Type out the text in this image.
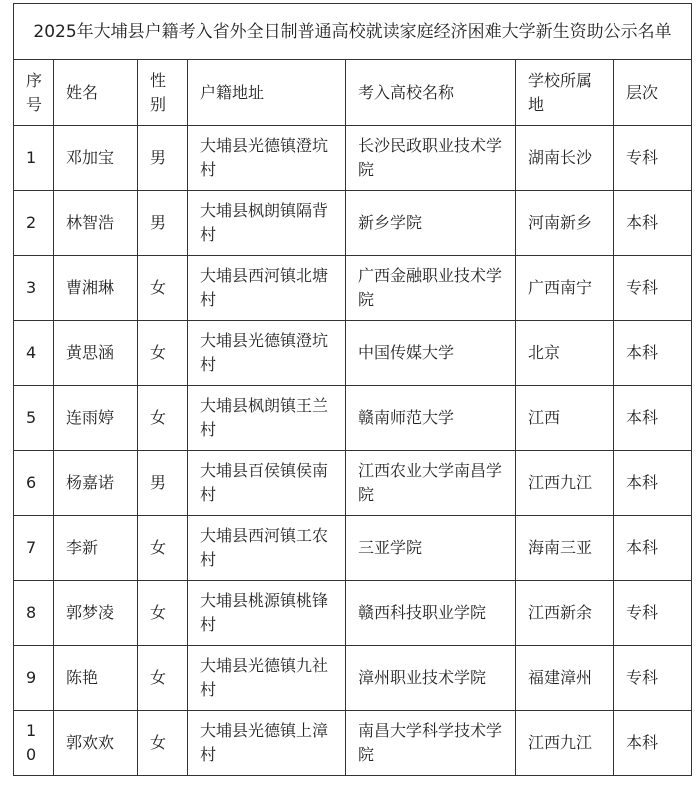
2025年大埔县户籍考入省外全日制普通高校就读家庭经济困难大学新生资助公示名单						
序号	姓名	性别	户籍地址	考入高校名称	学校所属地	层次
1	邓加宝	男	大埔县光德镇澄坑村	长沙民政职业技术学院	湖南长沙	专科
2	林智浩	男	大埔县枫朗镇隔背村	新乡学院	河南新乡	本科
3	曹湘琳	女	大埔县西河镇北塘村	广西金融职业技术学院	广西南宁	专科
4	黄思涵	女	大埔县光德镇澄坑村	中国传媒大学	北京	本科
5	连雨婷	女	大埔县枫朗镇王兰村	赣南师范大学	江西	本科
6	杨嘉诺	男	大埔县百侯镇侯南村	江西农业大学南昌学院	江西九江	本科
7	李新	女	大埔县西河镇工农村	三亚学院	海南三亚	本科
8	郭梦凌	女	大埔县桃源镇桃锋村	赣西科技职业学院	江西新余	专科
9	陈艳	女	大埔县光德镇九社村	漳州职业技术学院	福建漳州	专科
10	郭欢欢	女	大埔县光德镇上漳村	南昌大学科学技术学院	江西九江	本科
